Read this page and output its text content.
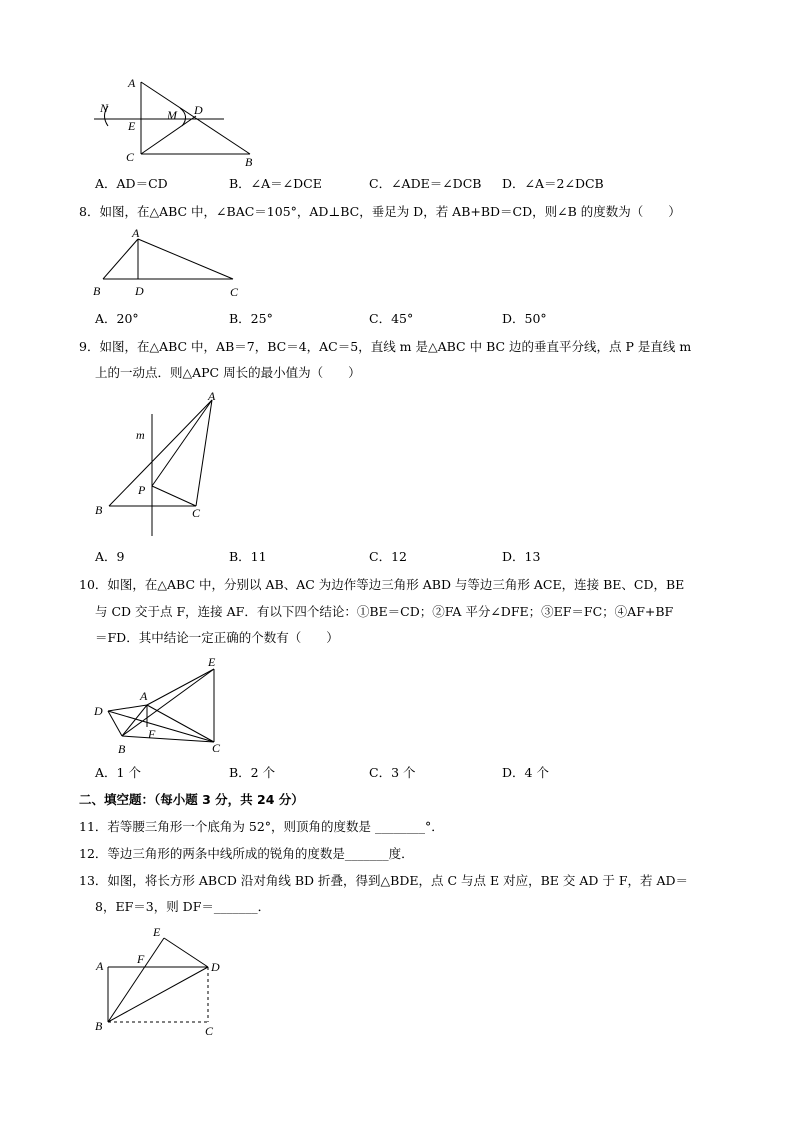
A
N	D
M
E
C	B
A．AD＝CD	B．∠A＝∠DCE	C．∠ADE＝∠DCB D．∠A＝2∠DCB
8．如图，在△ABC 中，∠BAC＝105°，AD⊥BC，垂足为 D，若 AB+BD＝CD，则∠B 的度数为（　　）
A
B	D	C
A．20°	B．25°	C．45°	D．50°
9．如图，在△ABC 中，AB＝7，BC＝4，AC＝5，直线 m 是△ABC 中 BC 边的垂直平分线，点 P 是直线 m
上的一动点．则△APC 周长的最小值为（　　）
A
m
P
B	C
A．9	B．11	C．12	D．13
10．如图，在△ABC 中，分别以 AB、AC 为边作等边三角形 ABD 与等边三角形 ACE，连接 BE、CD，BE
与 CD 交于点 F，连接 AF．有以下四个结论：①BE＝CD；②FA 平分∠DFE；③EF＝FC；④AF+BF
＝FD．其中结论一定正确的个数有（　　）
E
A
D
F
B	C
A．1 个	B．2 个	C．3 个	D．4 个
二、填空题：（每小题 3 分，共 24 分）
11．若等腰三角形一个底角为 52°，则顶角的度数是 ________°．
12．等边三角形的两条中线所成的锐角的度数是_______度．
13．如图，将长方形 ABCD 沿对角线 BD 折叠，得到△BDE，点 C 与点 E 对应，BE 交 AD 于 F，若 AD＝
8，EF＝3，则 DF＝_______．
E
A	F
D
B	C
